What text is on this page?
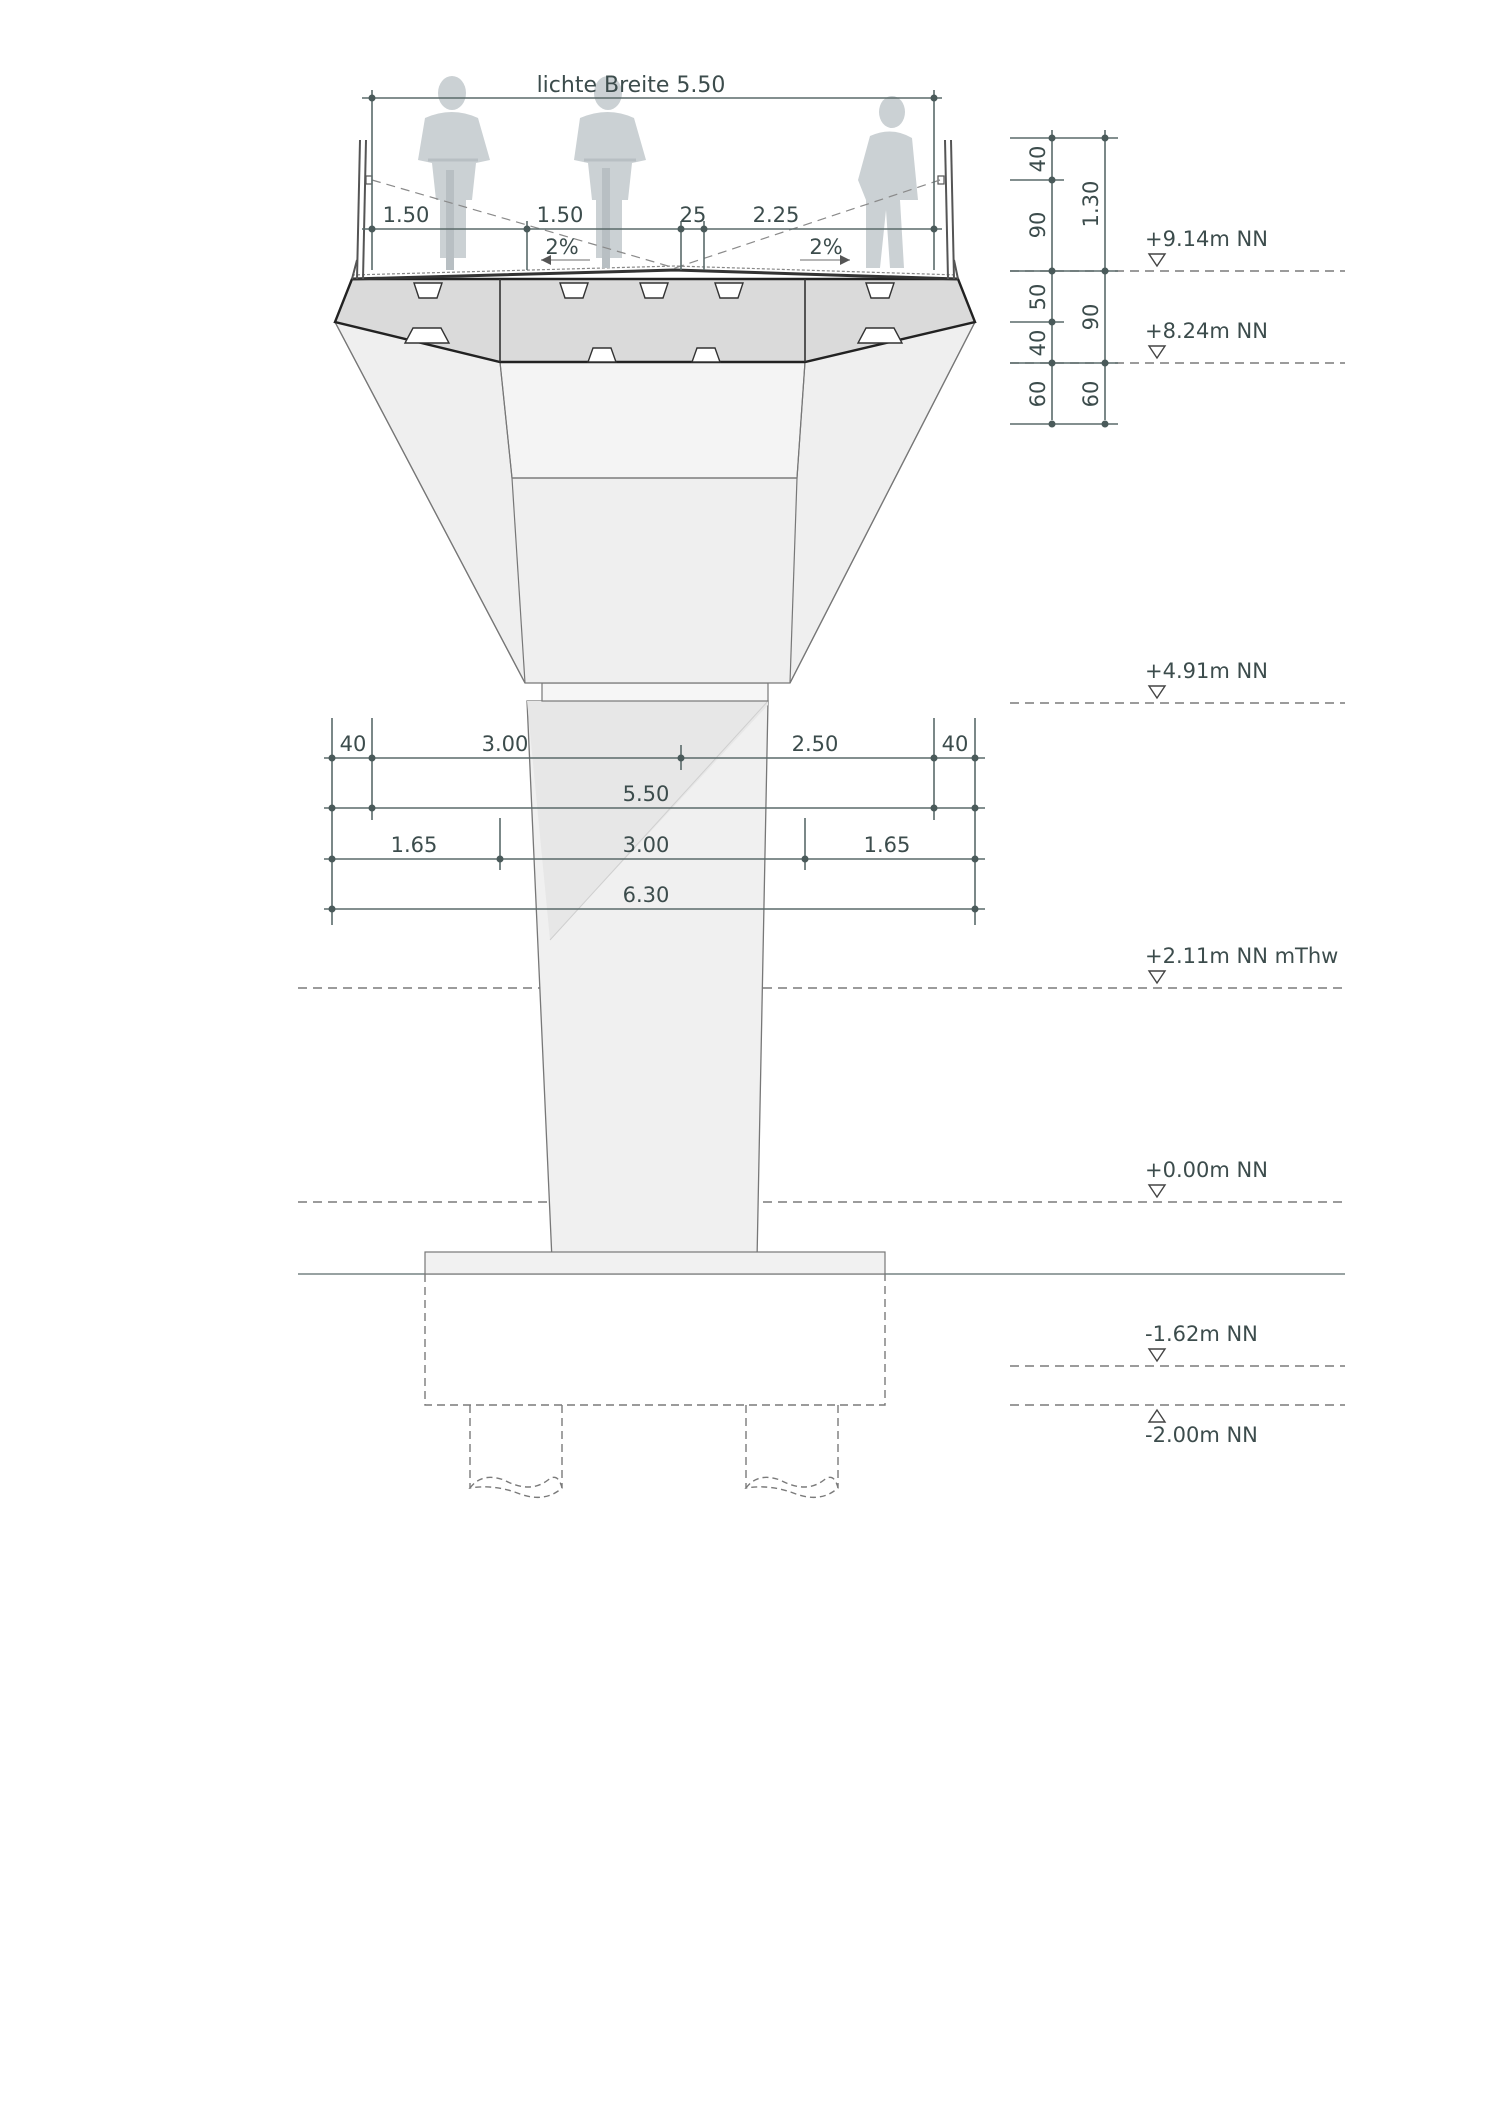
lichte Breite 5.50
1.50	1.50	25 2.25
2%	2%
40
90
50
40
60
1.30
90
60
+9.14m NN
+8.24m NN
+4.91m NN
+2.11m NN mThw
+0.00m NN
-1.62m NN
-2.00m NN
40	3.00	2.50	40
5.50
1.65	3.00	1.65
6.30
